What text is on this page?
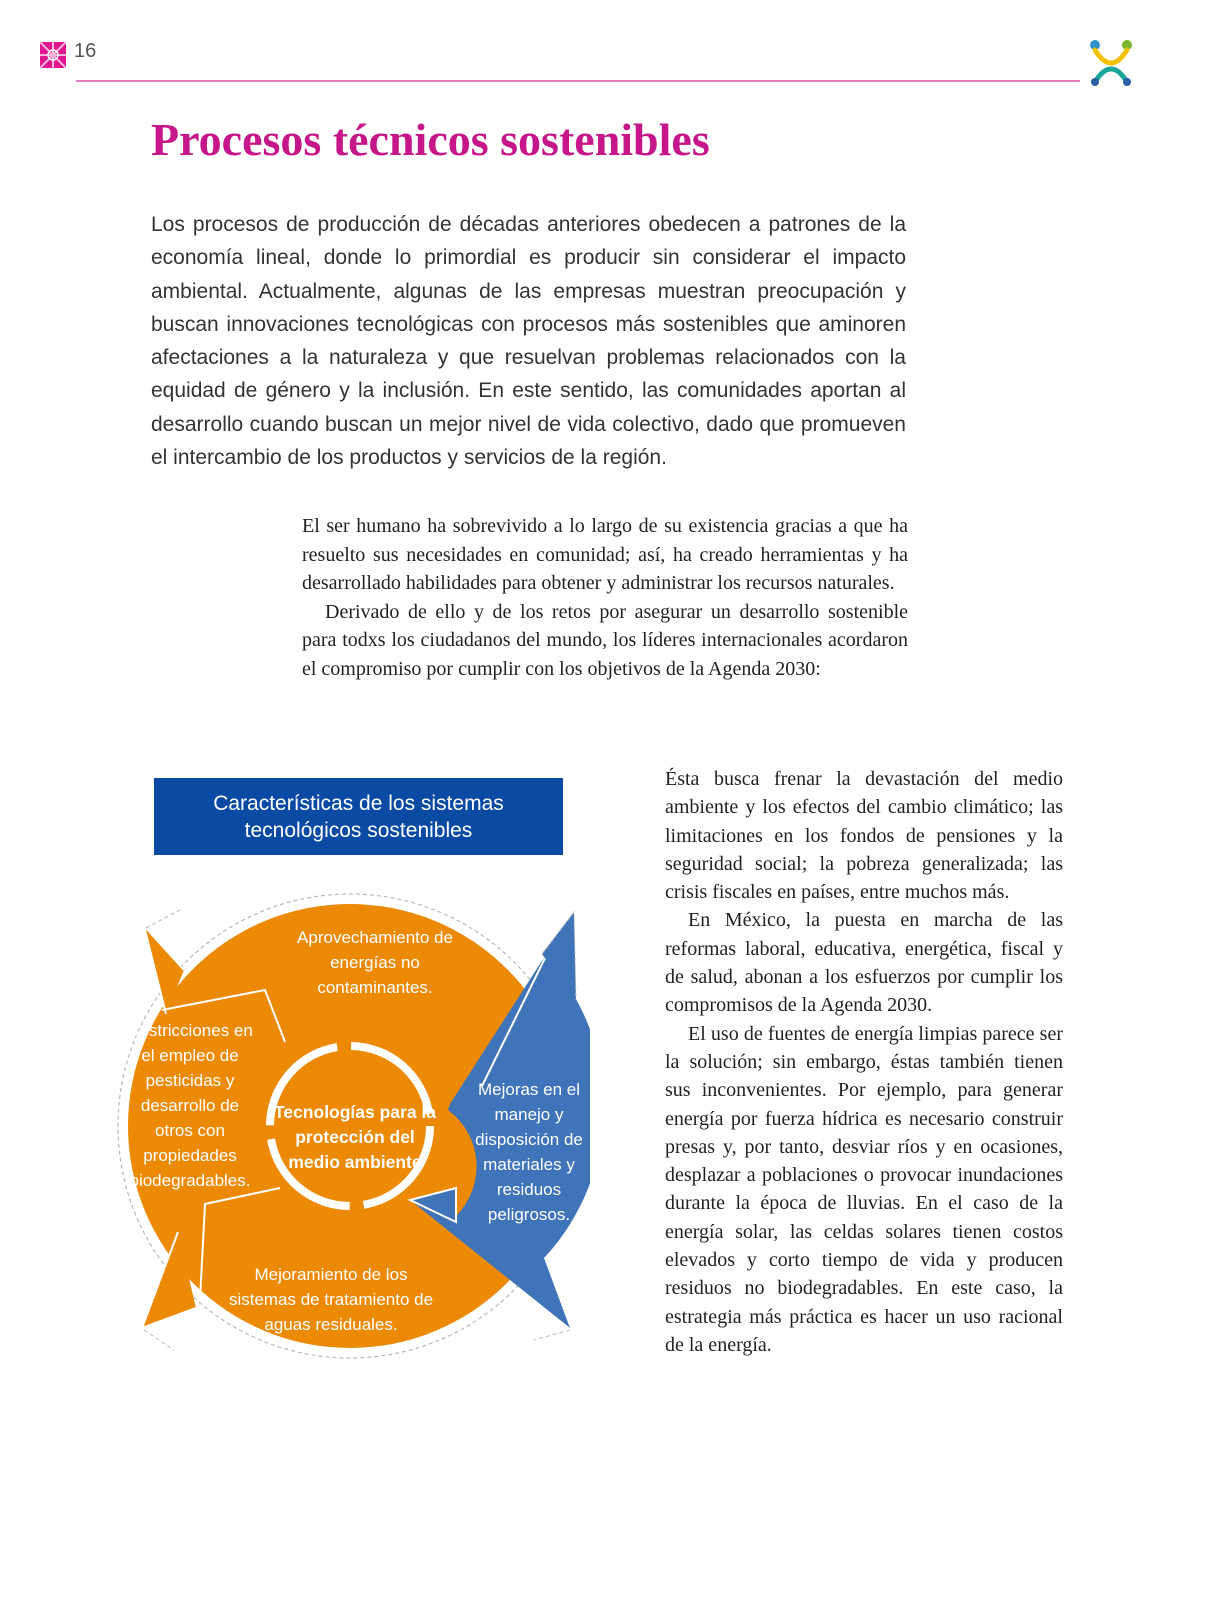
16
Procesos técnicos sostenibles

Los procesos de producción de décadas anteriores obedecen a patrones de la economía lineal, donde lo primordial es producir sin considerar el impacto ambiental. Actualmente, algunas de las empresas muestran preocupación y buscan innovaciones tecnológicas con procesos más sostenibles que aminoren afectaciones a la naturaleza y que resuelvan problemas relacionados con la equidad de género y la inclusión. En este sentido, las comunidades aportan al desarrollo cuando buscan un mejor nivel de vida colectivo, dado que promueven el intercambio de los productos y servicios de la región.

El ser humano ha sobrevivido a lo largo de su existencia gracias a que ha resuelto sus necesidades en comunidad; así, ha creado herramientas y ha desarrollado habilidades para obtener y administrar los recursos naturales.

Derivado de ello y de los retos por asegurar un desarrollo sostenible para todxs los ciudadanos del mundo, los líderes internacionales acordaron el compromiso por cumplir con los objetivos de la Agenda 2030:

Características de los sistemas tecnológicos sostenibles
Aprovechamiento de energías no contaminantes.
Mejoras en el manejo y disposición de materiales y residuos peligrosos.
Mejoramiento de los sistemas de tratamiento de aguas residuales.
Restricciones en el empleo de pesticidas y desarrollo de otros con propiedades biodegradables.
Tecnologías para la protección del medio ambiente

Ésta busca frenar la devastación del medio ambiente y los efectos del cambio climático; las limitaciones en los fondos de pensiones y la seguridad social; la pobreza generalizada; las crisis fiscales en países, entre muchos más.

En México, la puesta en marcha de las reformas laboral, educativa, energética, fiscal y de salud, abonan a los esfuerzos por cumplir los compromisos de la Agenda 2030.

El uso de fuentes de energía limpias parece ser la solución; sin embargo, éstas también tienen sus inconvenientes. Por ejemplo, para generar energía por fuerza hídrica es necesario construir presas y, por tanto, desviar ríos y en ocasiones, desplazar a poblaciones o provocar inundaciones durante la época de lluvias. En el caso de la energía solar, las celdas solares tienen costos elevados y corto tiempo de vida y producen residuos no biodegradables. En este caso, la estrategia más práctica es hacer un uso racional de la energía.
